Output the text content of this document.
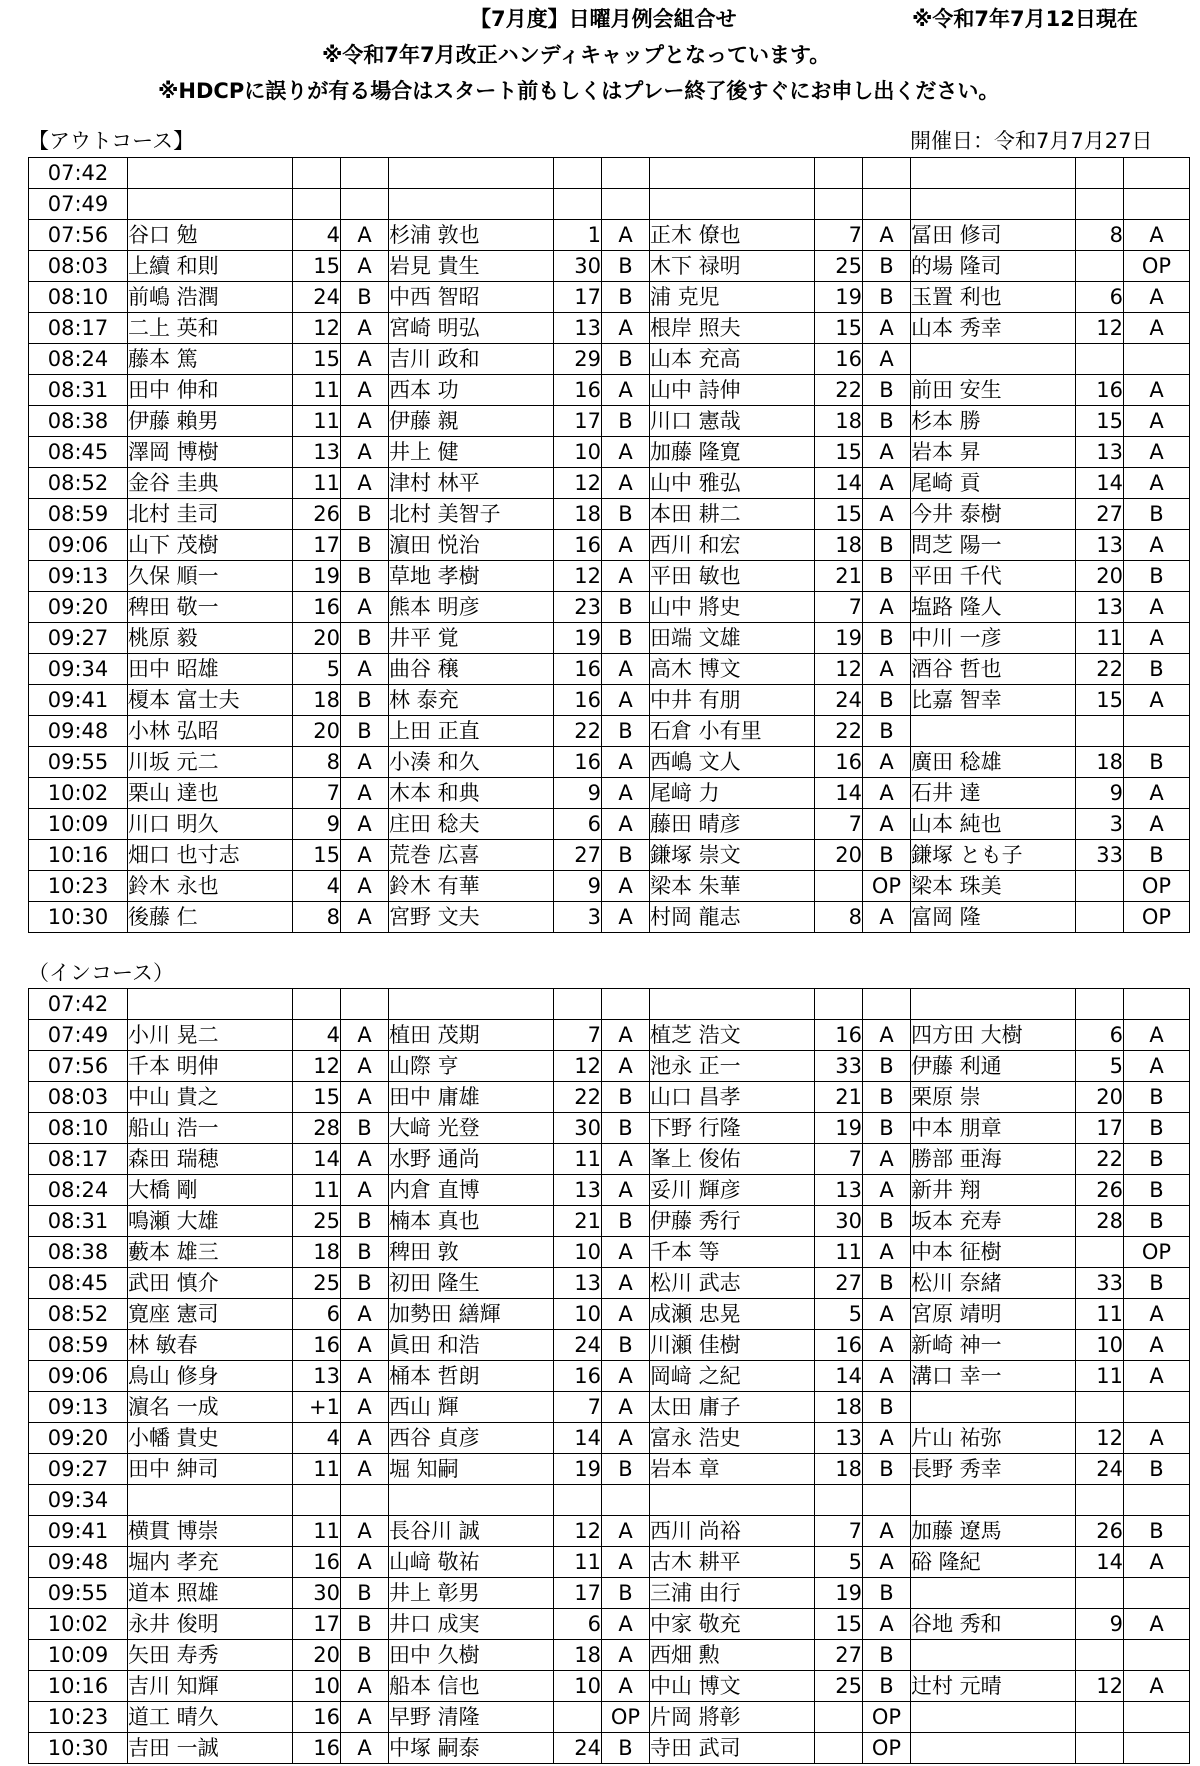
【7月度】日曜月例会組合せ	※令和7年7月12日現在
※令和7年7月改正ハンディキャップとなっています。
※HDCPに誤りが有る場合はスタート前もしくはプレー終了後すぐにお申し出ください。
【アウトコース】	開催日：令和7月7月27日
07:42												
07:49												
07:56	谷口 勉	4	A	杉浦 敦也	1	A	正木 僚也	7	A	冨田 修司	8	A
08:03	上續 和則	15	A	岩見 貴生	30	B	木下 禄明	25	B	的場 隆司		OP
08:10	前嶋 浩潤	24	B	中西 智昭	17	B	浦 克児	19	B	玉置 利也	6	A
08:17	二上 英和	12	A	宮崎 明弘	13	A	根岸 照夫	15	A	山本 秀幸	12	A
08:24	藤本 篤	15	A	吉川 政和	29	B	山本 充高	16	A			
08:31	田中 伸和	11	A	西本 功	16	A	山中 詩伸	22	B	前田 安生	16	A
08:38	伊藤 賴男	11	A	伊藤 親	17	B	川口 憲哉	18	B	杉本 勝	15	A
08:45	澤岡 博樹	13	A	井上 健	10	A	加藤 隆寛	15	A	岩本 昇	13	A
08:52	金谷 圭典	11	A	津村 林平	12	A	山中 雅弘	14	A	尾崎 貢	14	A
08:59	北村 圭司	26	B	北村 美智子	18	B	本田 耕二	15	A	今井 泰樹	27	B
09:06	山下 茂樹	17	B	濵田 悦治	16	A	西川 和宏	18	B	問芝 陽一	13	A
09:13	久保 順一	19	B	草地 孝樹	12	A	平田 敏也	21	B	平田 千代	20	B
09:20	稗田 敬一	16	A	熊本 明彦	23	B	山中 將史	7	A	塩路 隆人	13	A
09:27	桃原 毅	20	B	井平 覚	19	B	田端 文雄	19	B	中川 一彦	11	A
09:34	田中 昭雄	5	A	曲谷 穣	16	A	高木 博文	12	A	酒谷 哲也	22	B
09:41	榎本 富士夫	18	B	林 泰充	16	A	中井 有朋	24	B	比嘉 智幸	15	A
09:48	小林 弘昭	20	B	上田 正直	22	B	石倉 小有里	22	B			
09:55	川坂 元二	8	A	小湊 和久	16	A	西嶋 文人	16	A	廣田 稔雄	18	B
10:02	栗山 達也	7	A	木本 和典	9	A	尾﨑 力	14	A	石井 達	9	A
10:09	川口 明久	9	A	庄田 稔夫	6	A	藤田 晴彦	7	A	山本 純也	3	A
10:16	畑口 也寸志	15	A	荒巻 広喜	27	B	鎌塚 崇文	20	B	鎌塚 とも子	33	B
10:23	鈴木 永也	4	A	鈴木 有華	9	A	梁本 朱華		OP	梁本 珠美		OP
10:30	後藤 仁	8	A	宮野 文夫	3	A	村岡 龍志	8	A	富岡 隆		OP
（インコース）
07:42												
07:49	小川 晃二	4	A	植田 茂期	7	A	植芝 浩文	16	A	四方田 大樹	6	A
07:56	千本 明伸	12	A	山際 亨	12	A	池永 正一	33	B	伊藤 利通	5	A
08:03	中山 貴之	15	A	田中 庸雄	22	B	山口 昌孝	21	B	栗原 崇	20	B
08:10	船山 浩一	28	B	大﨑 光登	30	B	下野 行隆	19	B	中本 朋章	17	B
08:17	森田 瑞穂	14	A	水野 通尚	11	A	峯上 俊佑	7	A	勝部 亜海	22	B
08:24	大橋 剛	11	A	内倉 直博	13	A	妥川 輝彦	13	A	新井 翔	26	B
08:31	鳴瀬 大雄	25	B	楠本 真也	21	B	伊藤 秀行	30	B	坂本 充寿	28	B
08:38	藪本 雄三	18	B	稗田 敦	10	A	千本 等	11	A	中本 征樹		OP
08:45	武田 慎介	25	B	初田 隆生	13	A	松川 武志	27	B	松川 奈緒	33	B
08:52	寛座 憲司	6	A	加勢田 繕輝	10	A	成瀬 忠晃	5	A	宮原 靖明	11	A
08:59	林 敏春	16	A	眞田 和浩	24	B	川瀬 佳樹	16	A	新崎 神一	10	A
09:06	鳥山 修身	13	A	桶本 哲朗	16	A	岡﨑 之紀	14	A	溝口 幸一	11	A
09:13	濵名 一成	+1	A	西山 輝	7	A	太田 庸子	18	B			
09:20	小幡 貴史	4	A	西谷 貞彦	14	A	富永 浩史	13	A	片山 祐弥	12	A
09:27	田中 紳司	11	A	堀 知嗣	19	B	岩本 章	18	B	長野 秀幸	24	B
09:34												
09:41	横貫 博崇	11	A	長谷川 誠	12	A	西川 尚裕	7	A	加藤 遼馬	26	B
09:48	堀内 孝充	16	A	山﨑 敬祐	11	A	古木 耕平	5	A	硲 隆紀	14	A
09:55	道本 照雄	30	B	井上 彰男	17	B	三浦 由行	19	B			
10:02	永井 俊明	17	B	井口 成実	6	A	中家 敬充	15	A	谷地 秀和	9	A
10:09	矢田 寿秀	20	B	田中 久樹	18	A	西畑 勲	27	B			
10:16	吉川 知輝	10	A	船本 信也	10	A	中山 博文	25	B	辻村 元晴	12	A
10:23	道工 晴久	16	A	早野 清隆		OP	片岡 將彰		OP			
10:30	吉田 一誠	16	A	中塚 嗣泰	24	B	寺田 武司		OP			
